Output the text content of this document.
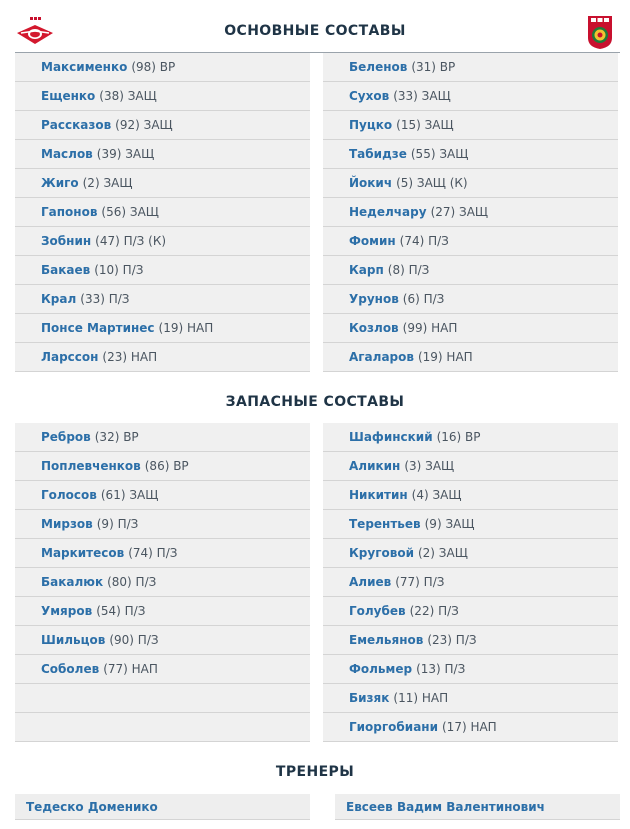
ОСНОВНЫЕ СОСТАВЫ
Максименко (98) ВР
Ещенко (38) ЗАЩ
Рассказов (92) ЗАЩ
Маслов (39) ЗАЩ
Жиго (2) ЗАЩ
Гапонов (56) ЗАЩ
Зобнин (47) П/З (К)
Бакаев (10) П/З
Крал (33) П/З
Понсе Мартинес (19) НАП
Ларссон (23) НАП
Беленов (31) ВР
Сухов (33) ЗАЩ
Пуцко (15) ЗАЩ
Табидзе (55) ЗАЩ
Йокич (5) ЗАЩ (К)
Неделчару (27) ЗАЩ
Фомин (74) П/З
Карп (8) П/З
Урунов (6) П/З
Козлов (99) НАП
Агаларов (19) НАП
ЗАПАСНЫЕ СОСТАВЫ
Ребров (32) ВР
Поплевченков (86) ВР
Голосов (61) ЗАЩ
Мирзов (9) П/З
Маркитесов (74) П/З
Бакалюк (80) П/З
Умяров (54) П/З
Шильцов (90) П/З
Соболев (77) НАП
Шафинский (16) ВР
Аликин (3) ЗАЩ
Никитин (4) ЗАЩ
Терентьев (9) ЗАЩ
Круговой (2) ЗАЩ
Алиев (77) П/З
Голубев (22) П/З
Емельянов (23) П/З
Фольмер (13) П/З
Бизяк (11) НАП
Гиоргобиани (17) НАП
ТРЕНЕРЫ
Тедеско Доменико	Евсеев Вадим Валентинович
